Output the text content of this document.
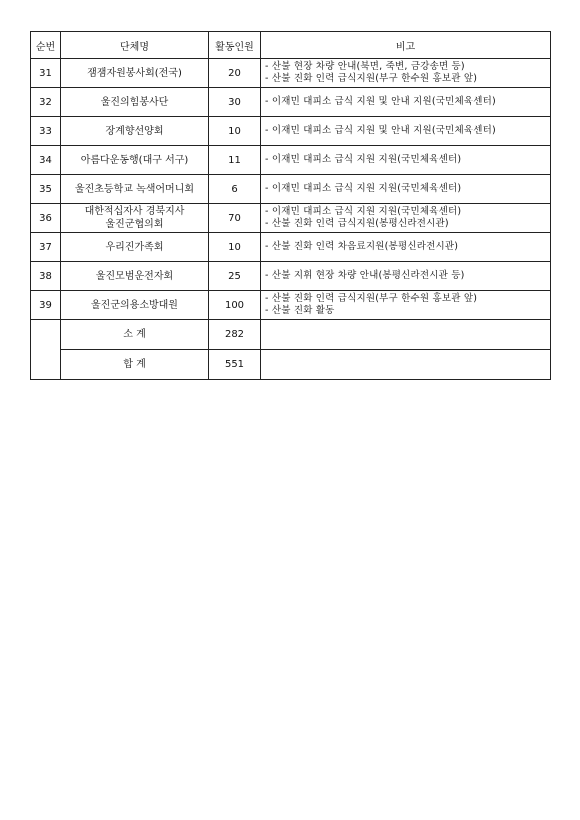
순번	단체명	활동인원	비고
31	잼잼자원봉사회(전국)	20	- 산불 현장 차량 안내(북면, 죽변, 금강송면 등)
- 산불 진화 인력 급식지원(부구 한수원 홍보관 앞)

32	울진의힘봉사단	30	- 이재민 대피소 급식 지원 및 안내 지원(국민체육센터)

33	장계향선양회	10	- 이재민 대피소 급식 지원 및 안내 지원(국민체육센터)

34	아름다운동행(대구 서구)	11	- 이재민 대피소 급식 지원 지원(국민체육센터)

35	울진초등학교 녹색어머니회	6	- 이재민 대피소 급식 지원 지원(국민체육센터)

36	대한적십자사 경북지사
울진군협의회	70	- 이재민 대피소 급식 지원 지원(국민체육센터)
- 산불 진화 인력 급식지원(봉평신라전시관)

37	우리진가족회	10	- 산불 진화 인력 차음료지원(봉평신라전시관)

38	울진모범운전자회	25	- 산불 지휘 현장 차량 안내(봉평신라전시관 등)

39	울진군의용소방대원	100	- 산불 진화 인력 급식지원(부구 한수원 홍보관 앞)
- 산불 진화 활동

	소 계	282	
	합 계	551	
